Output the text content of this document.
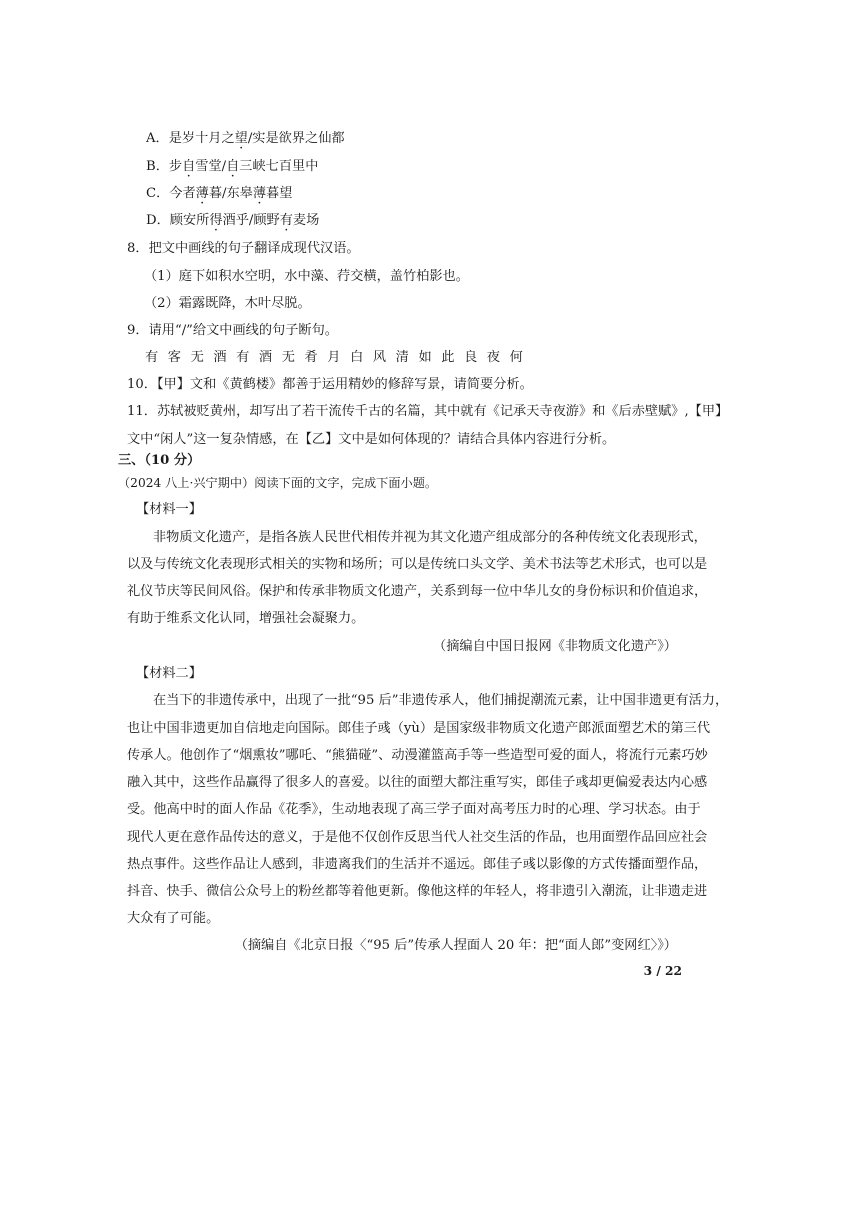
A．是岁十月之望/实是欲界之仙都
B．步自雪堂/自三峡七百里中
C．今者薄暮/东皋薄暮望
D．顾安所得酒乎/顾野有麦场
8．把文中画线的句子翻译成现代汉语。
（1）庭下如积水空明，水中藻、荇交横，盖竹柏影也。
（2）霜露既降，木叶尽脱。
9．请用“/”给文中画线的句子断句。
有客无酒有酒无肴月白风清如此良夜何
10．【甲】文和《黄鹤楼》都善于运用精妙的修辞写景，请简要分析。
11．苏轼被贬黄州，却写出了若干流传千古的名篇，其中就有《记承天寺夜游》和《后赤壁赋》,【甲】
文中“闲人”这一复杂情感，在【乙】文中是如何体现的？请结合具体内容进行分析。
三、（10 分）
（2024 八上·兴宁期中）阅读下面的文字，完成下面小题。
【材料一】
非物质文化遗产，是指各族人民世代相传并视为其文化遗产组成部分的各种传统文化表现形式，
以及与传统文化表现形式相关的实物和场所；可以是传统口头文学、美术书法等艺术形式，也可以是
礼仪节庆等民间风俗。保护和传承非物质文化遗产，关系到每一位中华儿女的身份标识和价值追求，
有助于维系文化认同，增强社会凝聚力。
（摘编自中国日报网《非物质文化遗产》）
【材料二】
在当下的非遗传承中，出现了一批“95 后”非遗传承人，他们捕捉潮流元素，让中国非遗更有活力，
也让中国非遗更加自信地走向国际。郎佳子彧（yù）是国家级非物质文化遗产郎派面塑艺术的第三代
传承人。他创作了“烟熏妆”哪吒、“熊猫碰”、动漫灌篮高手等一些造型可爱的面人，将流行元素巧妙
融入其中，这些作品赢得了很多人的喜爱。以往的面塑大都注重写实，郎佳子彧却更偏爱表达内心感
受。他高中时的面人作品《花季》，生动地表现了高三学子面对高考压力时的心理、学习状态。由于
现代人更在意作品传达的意义，于是他不仅创作反思当代人社交生活的作品，也用面塑作品回应社会
热点事件。这些作品让人感到，非遗离我们的生活并不遥远。郎佳子彧以影像的方式传播面塑作品，
抖音、快手、微信公众号上的粉丝都等着他更新。像他这样的年轻人，将非遗引入潮流，让非遗走进
大众有了可能。
（摘编自《北京日报〈“95 后”传承人捏面人 20 年：把“面人郎”变网红〉》）
3 / 22
